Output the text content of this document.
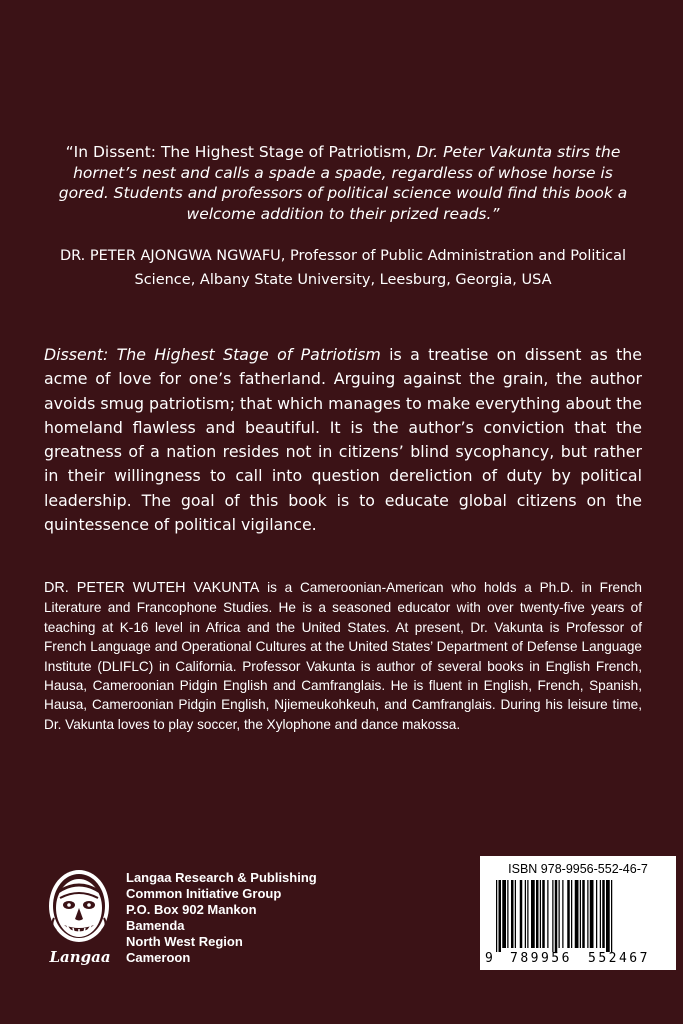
“In Dissent: The Highest Stage of Patriotism, Dr. Peter Vakunta stirs the hornet’s nest and calls a spade a spade, regardless of whose horse is gored. Students and professors of political science would find this book a welcome addition to their prized reads.”
DR. PETER AJONGWA NGWAFU, Professor of Public Administration and Political Science, Albany State University, Leesburg, Georgia, USA
Dissent: The Highest Stage of Patriotism is a treatise on dissent as the acme of love for one’s fatherland. Arguing against the grain, the author avoids smug patriotism; that which manages to make everything about the homeland flawless and beautiful. It is the author’s conviction that the greatness of a nation resides not in citizens’ blind sycophancy, but rather in their willingness to call into question dereliction of duty by political leadership. The goal of this book is to educate global citizens on the quintessence of political vigilance.
DR. PETER WUTEH VAKUNTA is a Cameroonian-American who holds a Ph.D. in French Literature and Francophone Studies. He is a seasoned educator with over twenty-five years of teaching at K-16 level in Africa and the United States. At present, Dr. Vakunta is Professor of French Language and Operational Cultures at the United States’ Department of Defense Language Institute (DLIFLC) in California. Professor Vakunta is author of several books in English French, Hausa, Cameroonian Pidgin English and Camfranglais. He is fluent in English, French, Spanish, Hausa, Cameroonian Pidgin English, Njiemeukohkeuh, and Camfranglais. During his leisure time, Dr. Vakunta loves to play soccer, the Xylophone and dance makossa.
Langaa
Langaa Research & Publishing
Common Initiative Group
P.O. Box 902 Mankon
Bamenda
North West Region
Cameroon
ISBN 978-9956-552-46-7
9 789956 552467
